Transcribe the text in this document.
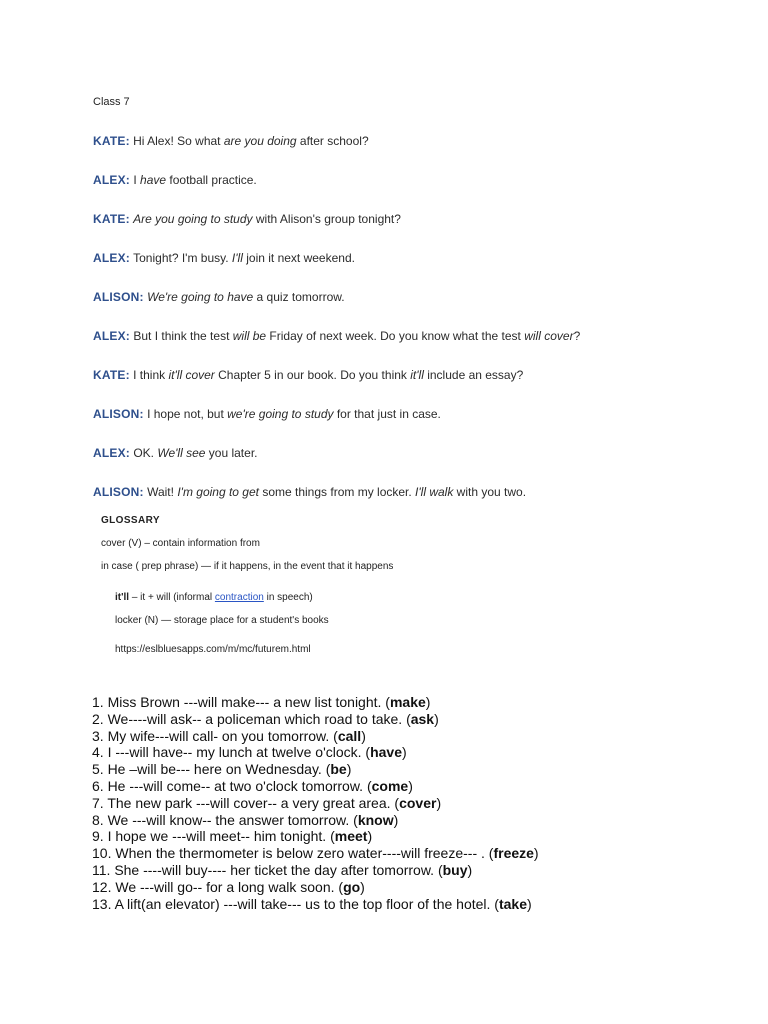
Class 7
KATE: Hi Alex! So what are you doing after school?
ALEX: I have football practice.
KATE: Are you going to study with Alison's group tonight?
ALEX: Tonight? I'm busy. I'll join it next weekend.
ALISON: We're going to have a quiz tomorrow.
ALEX: But I think the test will be Friday of next week. Do you know what the test will cover?
KATE: I think it'll cover Chapter 5 in our book. Do you think it'll include an essay?
ALISON: I hope not, but we're going to study for that just in case.
ALEX: OK. We'll see you later.
ALISON: Wait! I'm going to get some things from my locker. I'll walk with you two.
GLOSSARY
cover (V) – contain information from
in case ( prep phrase) — if it happens, in the event that it happens
it'll – it + will (informal contraction in speech)
locker (N) — storage place for a student's books
https://eslbluesapps.com/m/mc/futurem.html
1. Miss Brown ---will make--- a new list tonight. (make)
2. We----will ask-- a policeman which road to take. (ask)
3. My wife---will call- on you tomorrow. (call)
4. I ---will have-- my lunch at twelve o'clock. (have)
5. He –will be--- here on Wednesday. (be)
6. He ---will come-- at two o'clock tomorrow. (come)
7. The new park ---will cover-- a very great area. (cover)
8. We ---will know-- the answer tomorrow. (know)
9. I hope we ---will meet-- him tonight. (meet)
10. When the thermometer is below zero water----will freeze--- . (freeze)
11. She ----will buy---- her ticket the day after tomorrow. (buy)
12. We ---will go-- for a long walk soon. (go)
13. A lift(an elevator) ---will take--- us to the top floor of the hotel. (take)
